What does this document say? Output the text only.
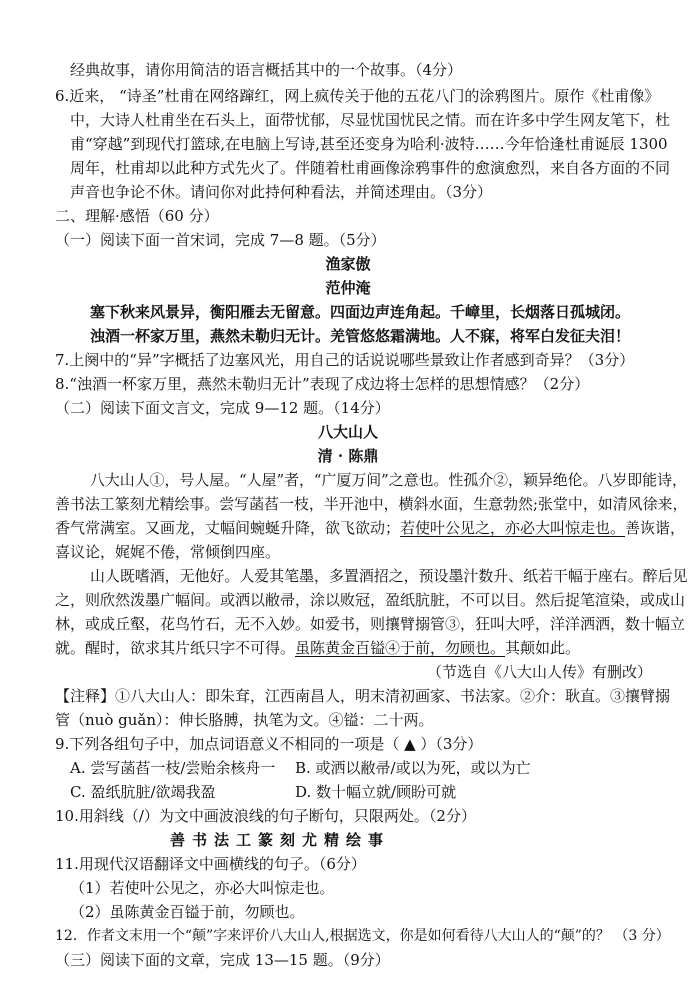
经典故事，请你用简洁的语言概括其中的一个故事。（4分）
6.近来， “诗圣”杜甫在网络蹿红，网上疯传关于他的五花八门的涂鸦图片。原作《杜甫像》
中，大诗人杜甫坐在石头上，面带忧郁，尽显忧国忧民之情。而在许多中学生网友笔下，杜
甫“穿越”到现代打篮球,在电脑上写诗,甚至还变身为哈利·波特……今年恰逢杜甫诞辰 1300
周年，杜甫却以此种方式先火了。伴随着杜甫画像涂鸦事件的愈演愈烈，来自各方面的不同
声音也争论不休。请问你对此持何种看法，并简述理由。（3分）
二、理解·感悟（60 分）
（一）阅读下面一首宋词，完成 7—8 题。（5分）
渔家傲
范仲淹
塞下秋来风景异，衡阳雁去无留意。四面边声连角起。千嶂里，长烟落日孤城闭。
浊酒一杯家万里，燕然未勒归无计。羌管悠悠霜满地。人不寐，将军白发征夫泪！
7.上阕中的“异”字概括了边塞风光，用自己的话说说哪些景致让作者感到奇异？（3分）
8.“浊酒一杯家万里，燕然未勒归无计”表现了戍边将士怎样的思想情感？（2分）
（二）阅读下面文言文，完成 9—12 题。（14分）
八大山人
清 · 陈鼎
八大山人①，号人屋。“人屋”者，“广厦万间”之意也。性孤介②，颖异绝伦。八岁即能诗，
善书法工篆刻尤精绘事。尝写菡萏一枝，半开池中，横斜水面，生意勃然;张堂中，如清风徐来，
香气常满室。又画龙，丈幅间蜿蜒升降，欲飞欲动；若使叶公见之，亦必大叫惊走也。善诙谐，
喜议论，娓娓不倦，常倾倒四座。
山人既嗜酒，无他好。人爱其笔墨，多置酒招之，预设墨汁数升、纸若干幅于座右。醉后见
之，则欣然泼墨广幅间。或洒以敝帚，涂以败冠，盈纸肮脏，不可以目。然后捉笔渲染，或成山
林，或成丘壑，花鸟竹石，无不入妙。如爱书，则攘臂搦管③，狂叫大呼，洋洋洒洒，数十幅立
就。醒时，欲求其片纸只字不可得。虽陈黄金百镒④于前，勿顾也。其颠如此。
（节选自《八大山人传》有删改）
【注释】①八大山人：即朱耷，江西南昌人，明末清初画家、书法家。②介：耿直。③攘臂搦
管（nuò guǎn）：伸长胳膊，执笔为文。④镒：二十两。
9.下列各组句子中，加点词语意义不相同的一项是（ ▲ ）（3分）
A. 尝写菡萏一枝/尝贻余核舟一 B. 或洒以敝帚/或以为死，或以为亡
C. 盈纸肮脏/欲竭我盈	D. 数十幅立就/顾盼可就
10.用斜线（/）为文中画波浪线的句子断句，只限两处。（2分）
善书法工篆刻尤精绘事
11.用现代汉语翻译文中画横线的句子。（6分）
（1）若使叶公见之，亦必大叫惊走也。
（2）虽陈黄金百镒于前，勿顾也。
12．作者文末用一个“颠”字来评价八大山人,根据选文，你是如何看待八大山人的“颠”的？ （3 分）
（三）阅读下面的文章，完成 13—15 题。（9分）
